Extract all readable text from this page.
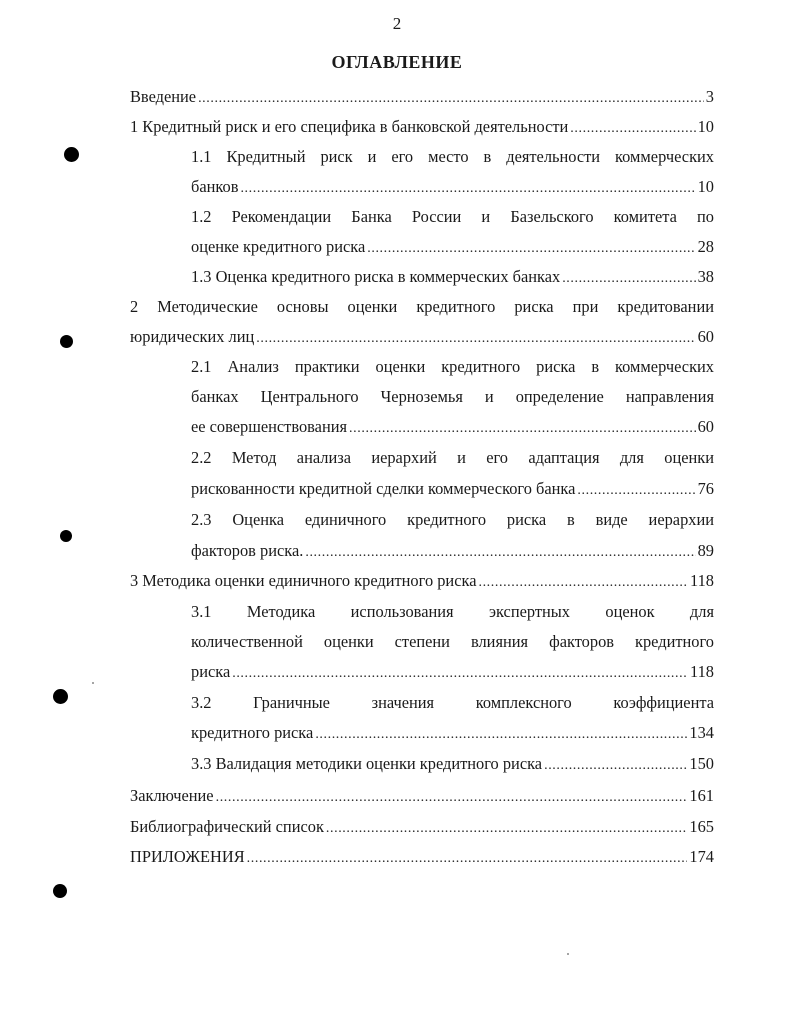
2
ОГЛАВЛЕНИЕ
Введение .....	3
1 Кредитный риск и его специфика в банковской деятельности .....	10
1.1 Кредитный риск и его место в деятельности коммерческих
банков .....	10
1.2 Рекомендации Банка России и Базельского комитета по
оценке кредитного риска .....	28
1.3 Оценка кредитного риска в коммерческих банках .....	38
2 Методические основы оценки кредитного риска при кредитовании
юридических лиц .....	60
2.1 Анализ практики оценки кредитного риска в коммерческих
банках Центрального Черноземья и определение направления
ее совершенствования .....	60
2.2 Метод анализа иерархий и его адаптация для оценки
рискованности кредитной сделки коммерческого банка .....	76
2.3 Оценка единичного кредитного риска в виде иерархии
факторов риска. .....	89
3 Методика оценки единичного кредитного риска .....	118
3.1 Методика использования экспертных оценок для
количественной оценки степени влияния факторов кредитного
риска .....	118
3.2 Граничные значения комплексного коэффициента
кредитного риска .....	134
3.3 Валидация методики оценки кредитного риска .....	150
Заключение .....	161
Библиографический список .....	165
ПРИЛОЖЕНИЯ .....	174
